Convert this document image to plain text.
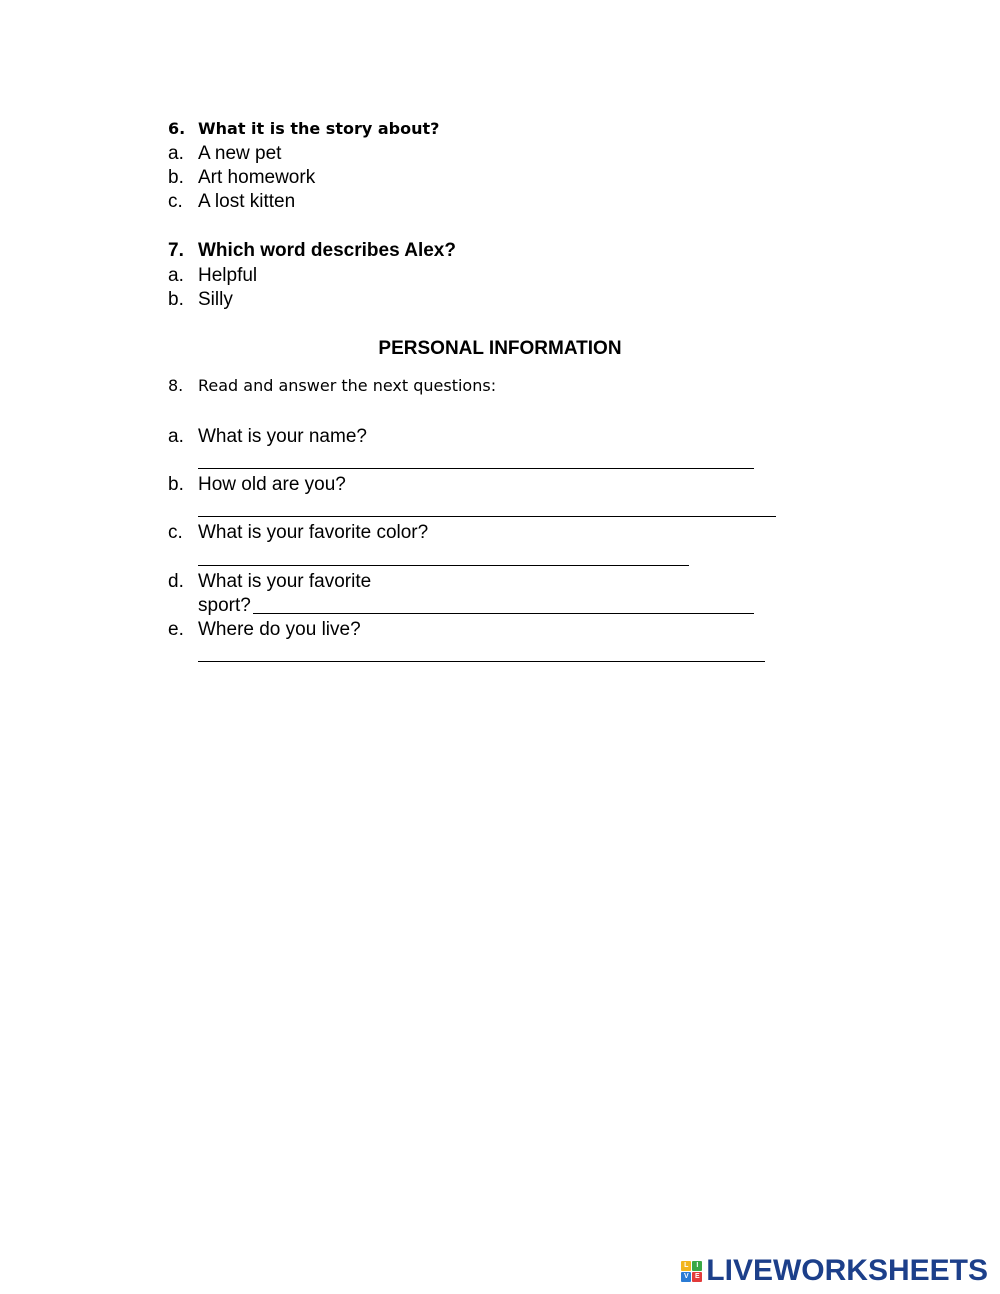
6. What it is the story about?
a. A new pet
b. Art homework
c. A lost kitten
7. Which word describes Alex?
a. Helpful
b. Silly
PERSONAL INFORMATION
8. Read and answer the next questions:
a. What is your name?
b. How old are you?
c. What is your favorite color?
d. What is your favorite
sport?
e. Where do you live?
L	I
V E LIVEWORKSHEETS
